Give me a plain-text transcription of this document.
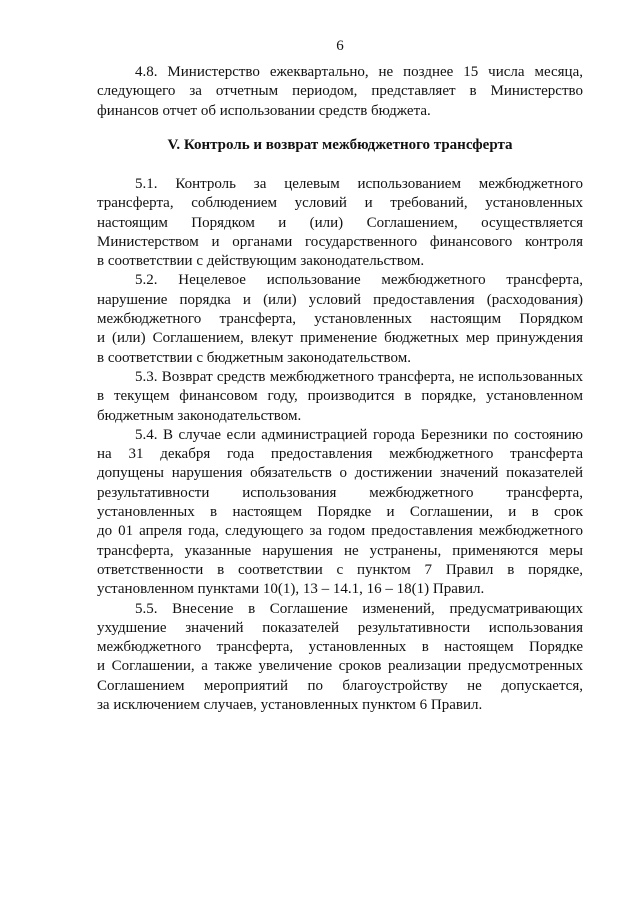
6
4.8. Министерство ежеквартально, не позднее 15 числа месяца,
следующего за отчетным периодом, представляет в Министерство
финансов отчет об использовании средств бюджета.
V. Контроль и возврат межбюджетного трансферта
5.1. Контроль за целевым использованием межбюджетного
трансферта, соблюдением условий и требований, установленных
настоящим Порядком и (или) Соглашением, осуществляется
Министерством и органами государственного финансового контроля
в соответствии с действующим законодательством.
5.2. Нецелевое использование межбюджетного трансферта,
нарушение порядка и (или) условий предоставления (расходования)
межбюджетного трансферта, установленных настоящим Порядком
и (или) Соглашением, влекут применение бюджетных мер принуждения
в соответствии с бюджетным законодательством.
5.3. Возврат средств межбюджетного трансферта, не использованных
в текущем финансовом году, производится в порядке, установленном
бюджетным законодательством.
5.4. В случае если администрацией города Березники по состоянию
на 31 декабря года предоставления межбюджетного трансферта
допущены нарушения обязательств о достижении значений показателей
результативности использования межбюджетного трансферта,
установленных в настоящем Порядке и Соглашении, и в срок
до 01 апреля года, следующего за годом предоставления межбюджетного
трансферта, указанные нарушения не устранены, применяются меры
ответственности в соответствии с пунктом 7 Правил в порядке,
установленном пунктами 10(1), 13 – 14.1, 16 – 18(1) Правил.
5.5. Внесение в Соглашение изменений, предусматривающих
ухудшение значений показателей результативности использования
межбюджетного трансферта, установленных в настоящем Порядке
и Соглашении, а также увеличение сроков реализации предусмотренных
Соглашением мероприятий по благоустройству не допускается,
за исключением случаев, установленных пунктом 6 Правил.
